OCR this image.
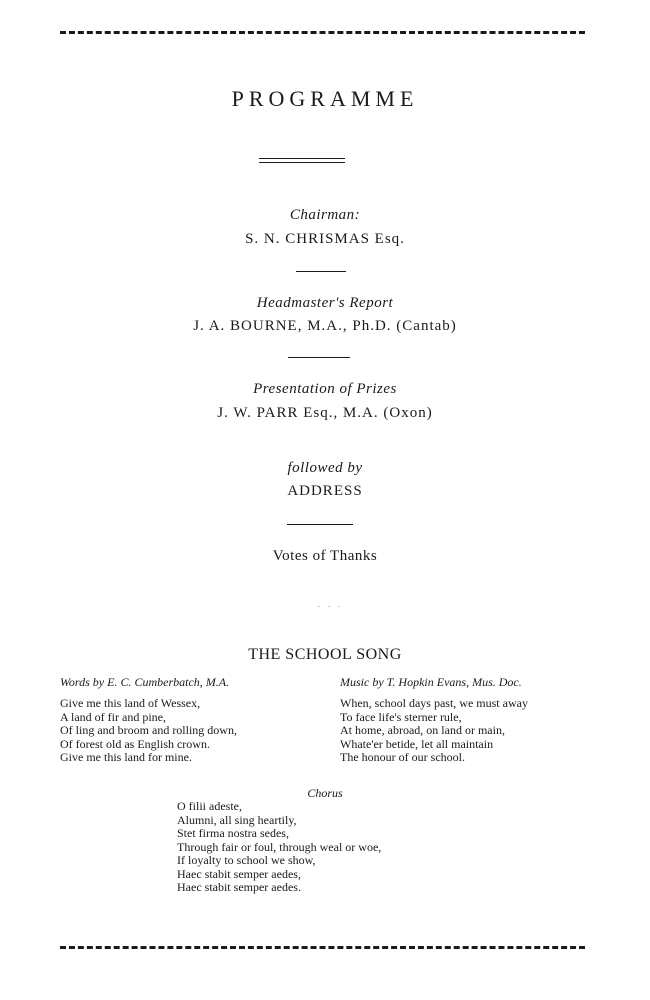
PROGRAMME
Chairman:
S. N. CHRISMAS Esq.
Headmaster's Report
J. A. BOURNE, M.A., Ph.D. (Cantab)
Presentation of Prizes
J. W. PARR Esq., M.A. (Oxon)
followed by
ADDRESS
Votes of Thanks
. . .
THE SCHOOL SONG
Words by E. C. Cumberbatch, M.A.	Music by T. Hopkin Evans, Mus. Doc.
Give me this land of Wessex,
A land of fir and pine,
Of ling and broom and rolling down,
Of forest old as English crown.
Give me this land for mine.
When, school days past, we must away
To face life's sterner rule,
At home, abroad, on land or main,
Whate'er betide, let all maintain
The honour of our school.
Chorus
O filii adeste,
Alumni, all sing heartily,
Stet firma nostra sedes,
Through fair or foul, through weal or woe,
If loyalty to school we show,
Haec stabit semper aedes,
Haec stabit semper aedes.
